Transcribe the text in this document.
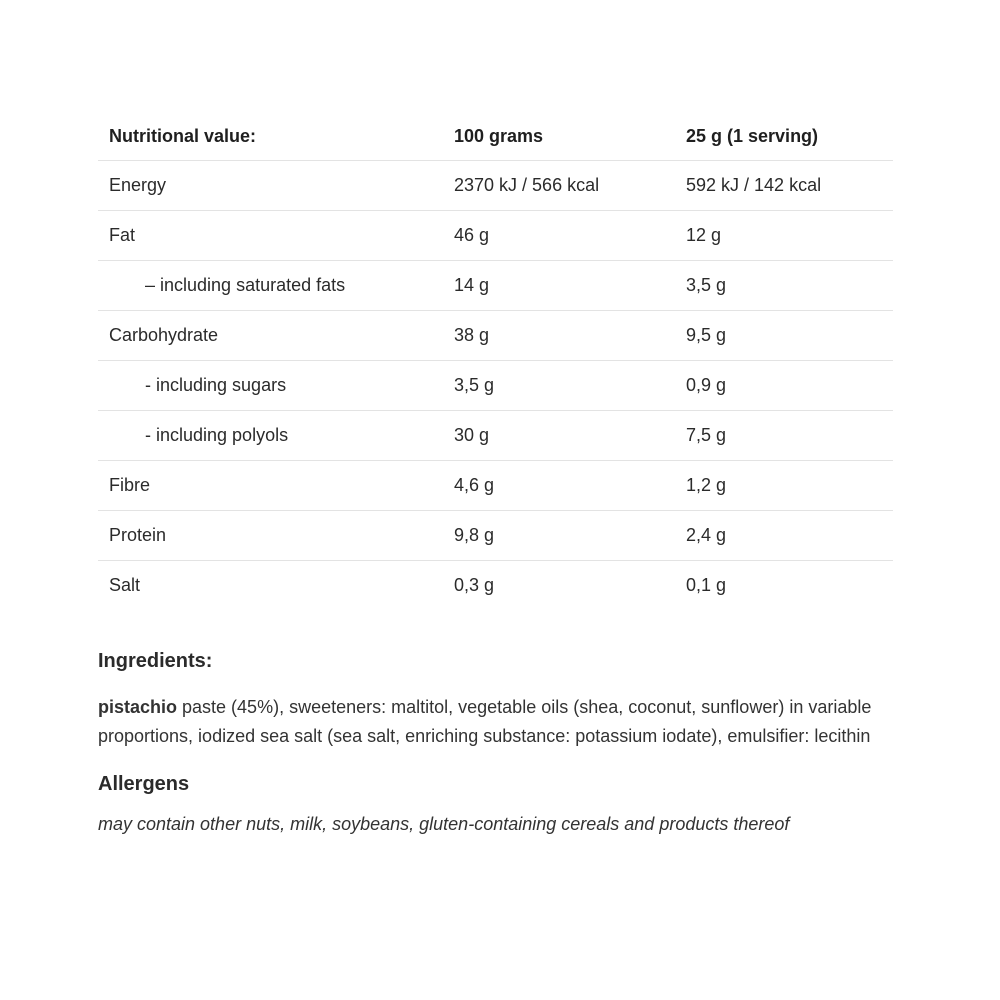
Nutritional value:	100 grams	25 g (1 serving)
Energy	2370 kJ / 566 kcal	592 kJ / 142 kcal
Fat	46 g	12 g
– including saturated fats	14 g	3,5 g
Carbohydrate	38 g	9,5 g
- including sugars	3,5 g	0,9 g
- including polyols	30 g	7,5 g
Fibre	4,6 g	1,2 g
Protein	9,8 g	2,4 g
Salt	0,3 g	0,1 g
Ingredients:
pistachio paste (45%), sweeteners: maltitol, vegetable oils (shea, coconut, sunflower) in variable proportions, iodized sea salt (sea salt, enriching substance: potassium iodate), emulsifier: lecithin
Allergens
may contain other nuts, milk, soybeans, gluten-containing cereals and products thereof
